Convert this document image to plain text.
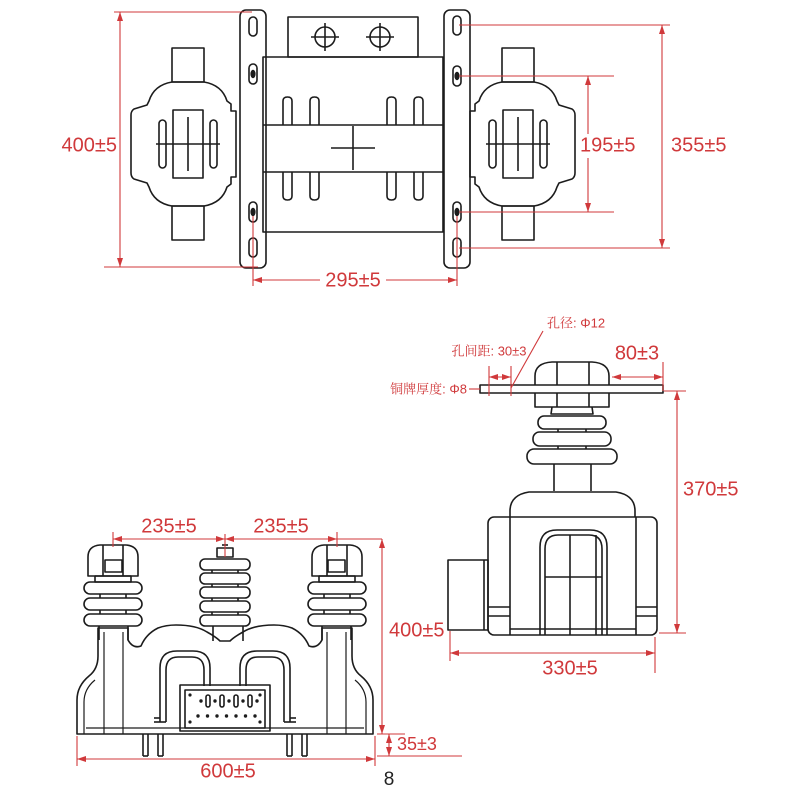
400±5	355±5
195±5
295±5
孔径: Φ12
孔间距: 30±3
铜牌厚度: Φ8
80±3
370±5
330±5
235±5	235±5
400±5
35±3
600±5	8
